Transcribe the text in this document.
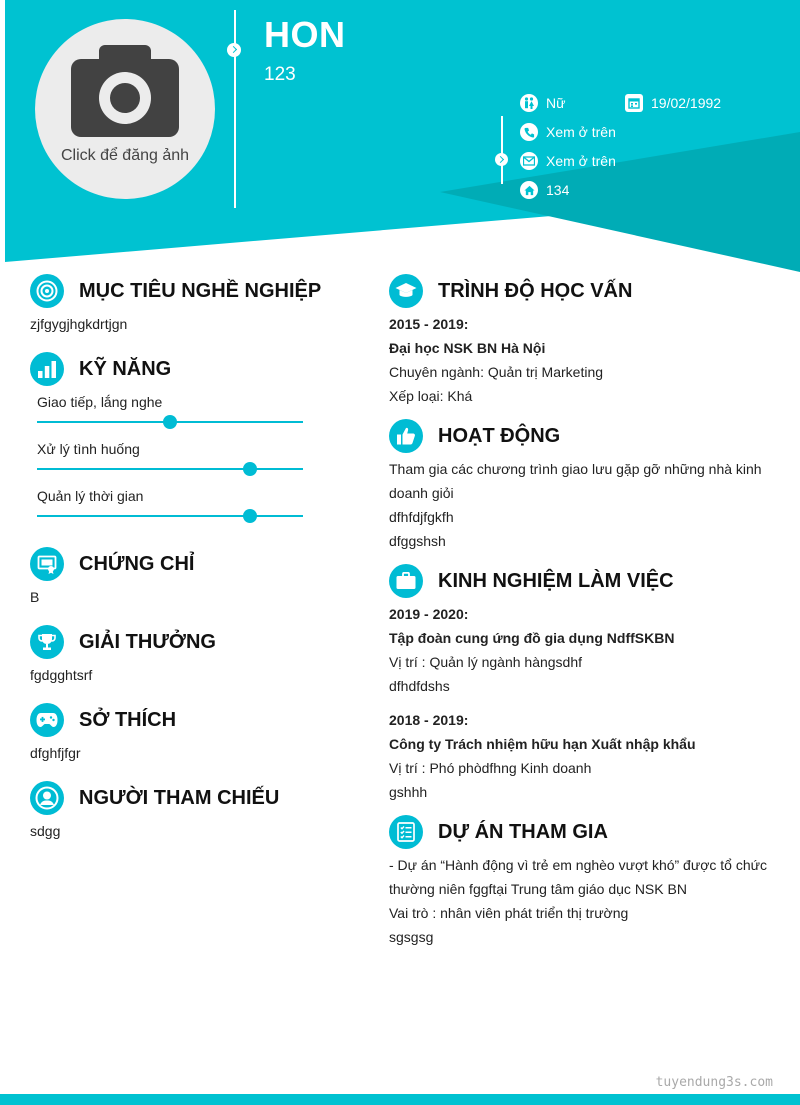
Click để đăng ảnh
HON
123
Nữ	19/02/1992
Xem ở trên
Xem ở trên
134
MỤC TIÊU NGHỀ NGHIỆP
zjfgygjhgkdrtjgn
KỸ NĂNG
Giao tiếp, lắng nghe
Xử lý tình huống
Quản lý thời gian
CHỨNG CHỈ
B
GIẢI THƯỞNG
fgdgghtsrf
SỞ THÍCH
dfghfjfgr
NGƯỜI THAM CHIẾU
sdgg
TRÌNH ĐỘ HỌC VẤN
2015 - 2019:
Đại học NSK BN Hà Nội
Chuyên ngành: Quản trị Marketing
Xếp loại: Khá
HOẠT ĐỘNG
Tham gia các chương trình giao lưu gặp gỡ những nhà kinh
doanh giỏi
dfhfdjfgkfh
dfggshsh
KINH NGHIỆM LÀM VIỆC
2019 - 2020:
Tập đoàn cung ứng đồ gia dụng NdffSKBN
Vị trí : Quản lý ngành hàngsdhf
dfhdfdshs
2018 - 2019:
Công ty Trách nhiệm hữu hạn Xuất nhập khẩu
Vị trí : Phó phòdfhng Kinh doanh
gshhh
DỰ ÁN THAM GIA
- Dự án “Hành động vì trẻ em nghèo vượt khó” được tổ chức
thường niên fggftại Trung tâm giáo dục NSK BN
Vai trò : nhân viên phát triển thị trường
sgsgsg
tuyendung3s.com
